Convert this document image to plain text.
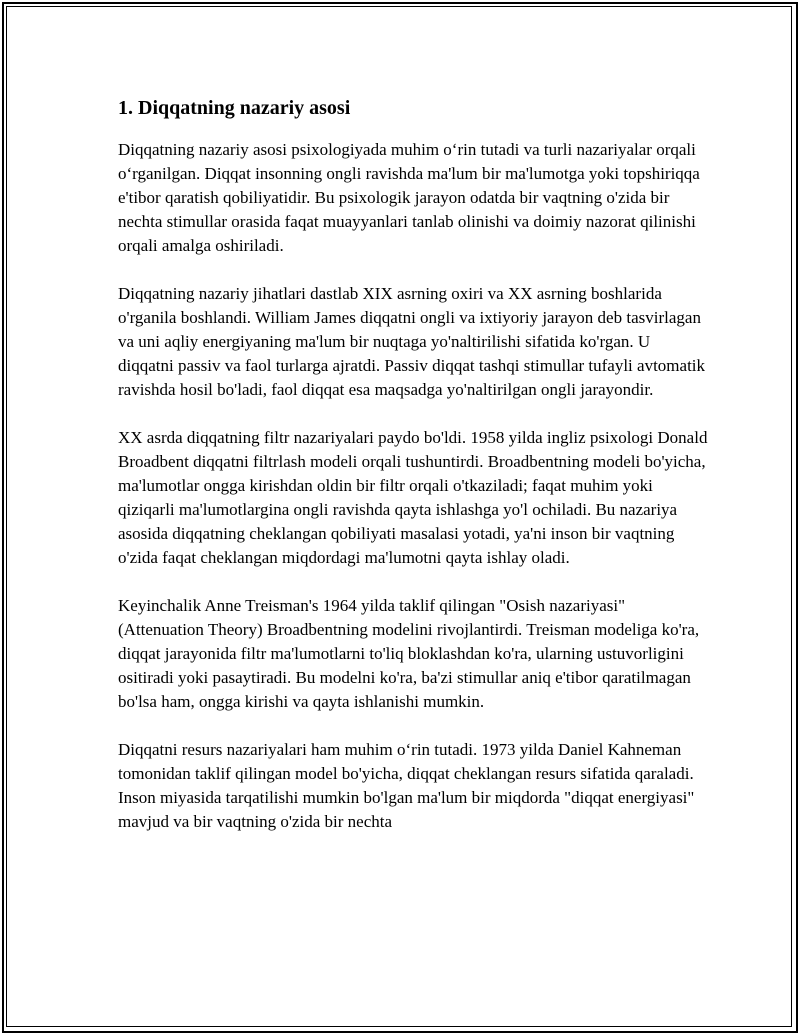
1. Diqqatning nazariy asosi

Diqqatning nazariy asosi psixologiyada muhim o‘rin tutadi va turli nazariyalar orqali o‘rganilgan. Diqqat insonning ongli ravishda ma'lum bir ma'lumotga yoki topshiriqqa e'tibor qaratish qobiliyatidir. Bu psixologik jarayon odatda bir vaqtning o'zida bir nechta stimullar orasida faqat muayyanlari tanlab olinishi va doimiy nazorat qilinishi orqali amalga oshiriladi.

Diqqatning nazariy jihatlari dastlab XIX asrning oxiri va XX asrning boshlarida o'rganila boshlandi. William James diqqatni ongli va ixtiyoriy jarayon deb tasvirlagan va uni aqliy energiyaning ma'lum bir nuqtaga yo'naltirilishi sifatida ko'rgan. U diqqatni passiv va faol turlarga ajratdi. Passiv diqqat tashqi stimullar tufayli avtomatik ravishda hosil bo'ladi, faol diqqat esa maqsadga yo'naltirilgan ongli jarayondir.

XX asrda diqqatning filtr nazariyalari paydo bo'ldi. 1958 yilda ingliz psixologi Donald Broadbent diqqatni filtrlash modeli orqali tushuntirdi. Broadbentning modeli bo'yicha, ma'lumotlar ongga kirishdan oldin bir filtr orqali o'tkaziladi; faqat muhim yoki qiziqarli ma'lumotlargina ongli ravishda qayta ishlashga yo'l ochiladi. Bu nazariya asosida diqqatning cheklangan qobiliyati masalasi yotadi, ya'ni inson bir vaqtning o'zida faqat cheklangan miqdordagi ma'lumotni qayta ishlay oladi.

Keyinchalik Anne Treisman's 1964 yilda taklif qilingan "Osish nazariyasi" (Attenuation Theory) Broadbentning modelini rivojlantirdi. Treisman modeliga ko'ra, diqqat jarayonida filtr ma'lumotlarni to'liq bloklashdan ko'ra, ularning ustuvorligini ositiradi yoki pasaytiradi. Bu modelni ko'ra, ba'zi stimullar aniq e'tibor qaratilmagan bo'lsa ham, ongga kirishi va qayta ishlanishi mumkin.

Diqqatni resurs nazariyalari ham muhim o‘rin tutadi. 1973 yilda Daniel Kahneman tomonidan taklif qilingan model bo'yicha, diqqat cheklangan resurs sifatida qaraladi. Inson miyasida tarqatilishi mumkin bo'lgan ma'lum bir miqdorda "diqqat energiyasi" mavjud va bir vaqtning o'zida bir nechta
